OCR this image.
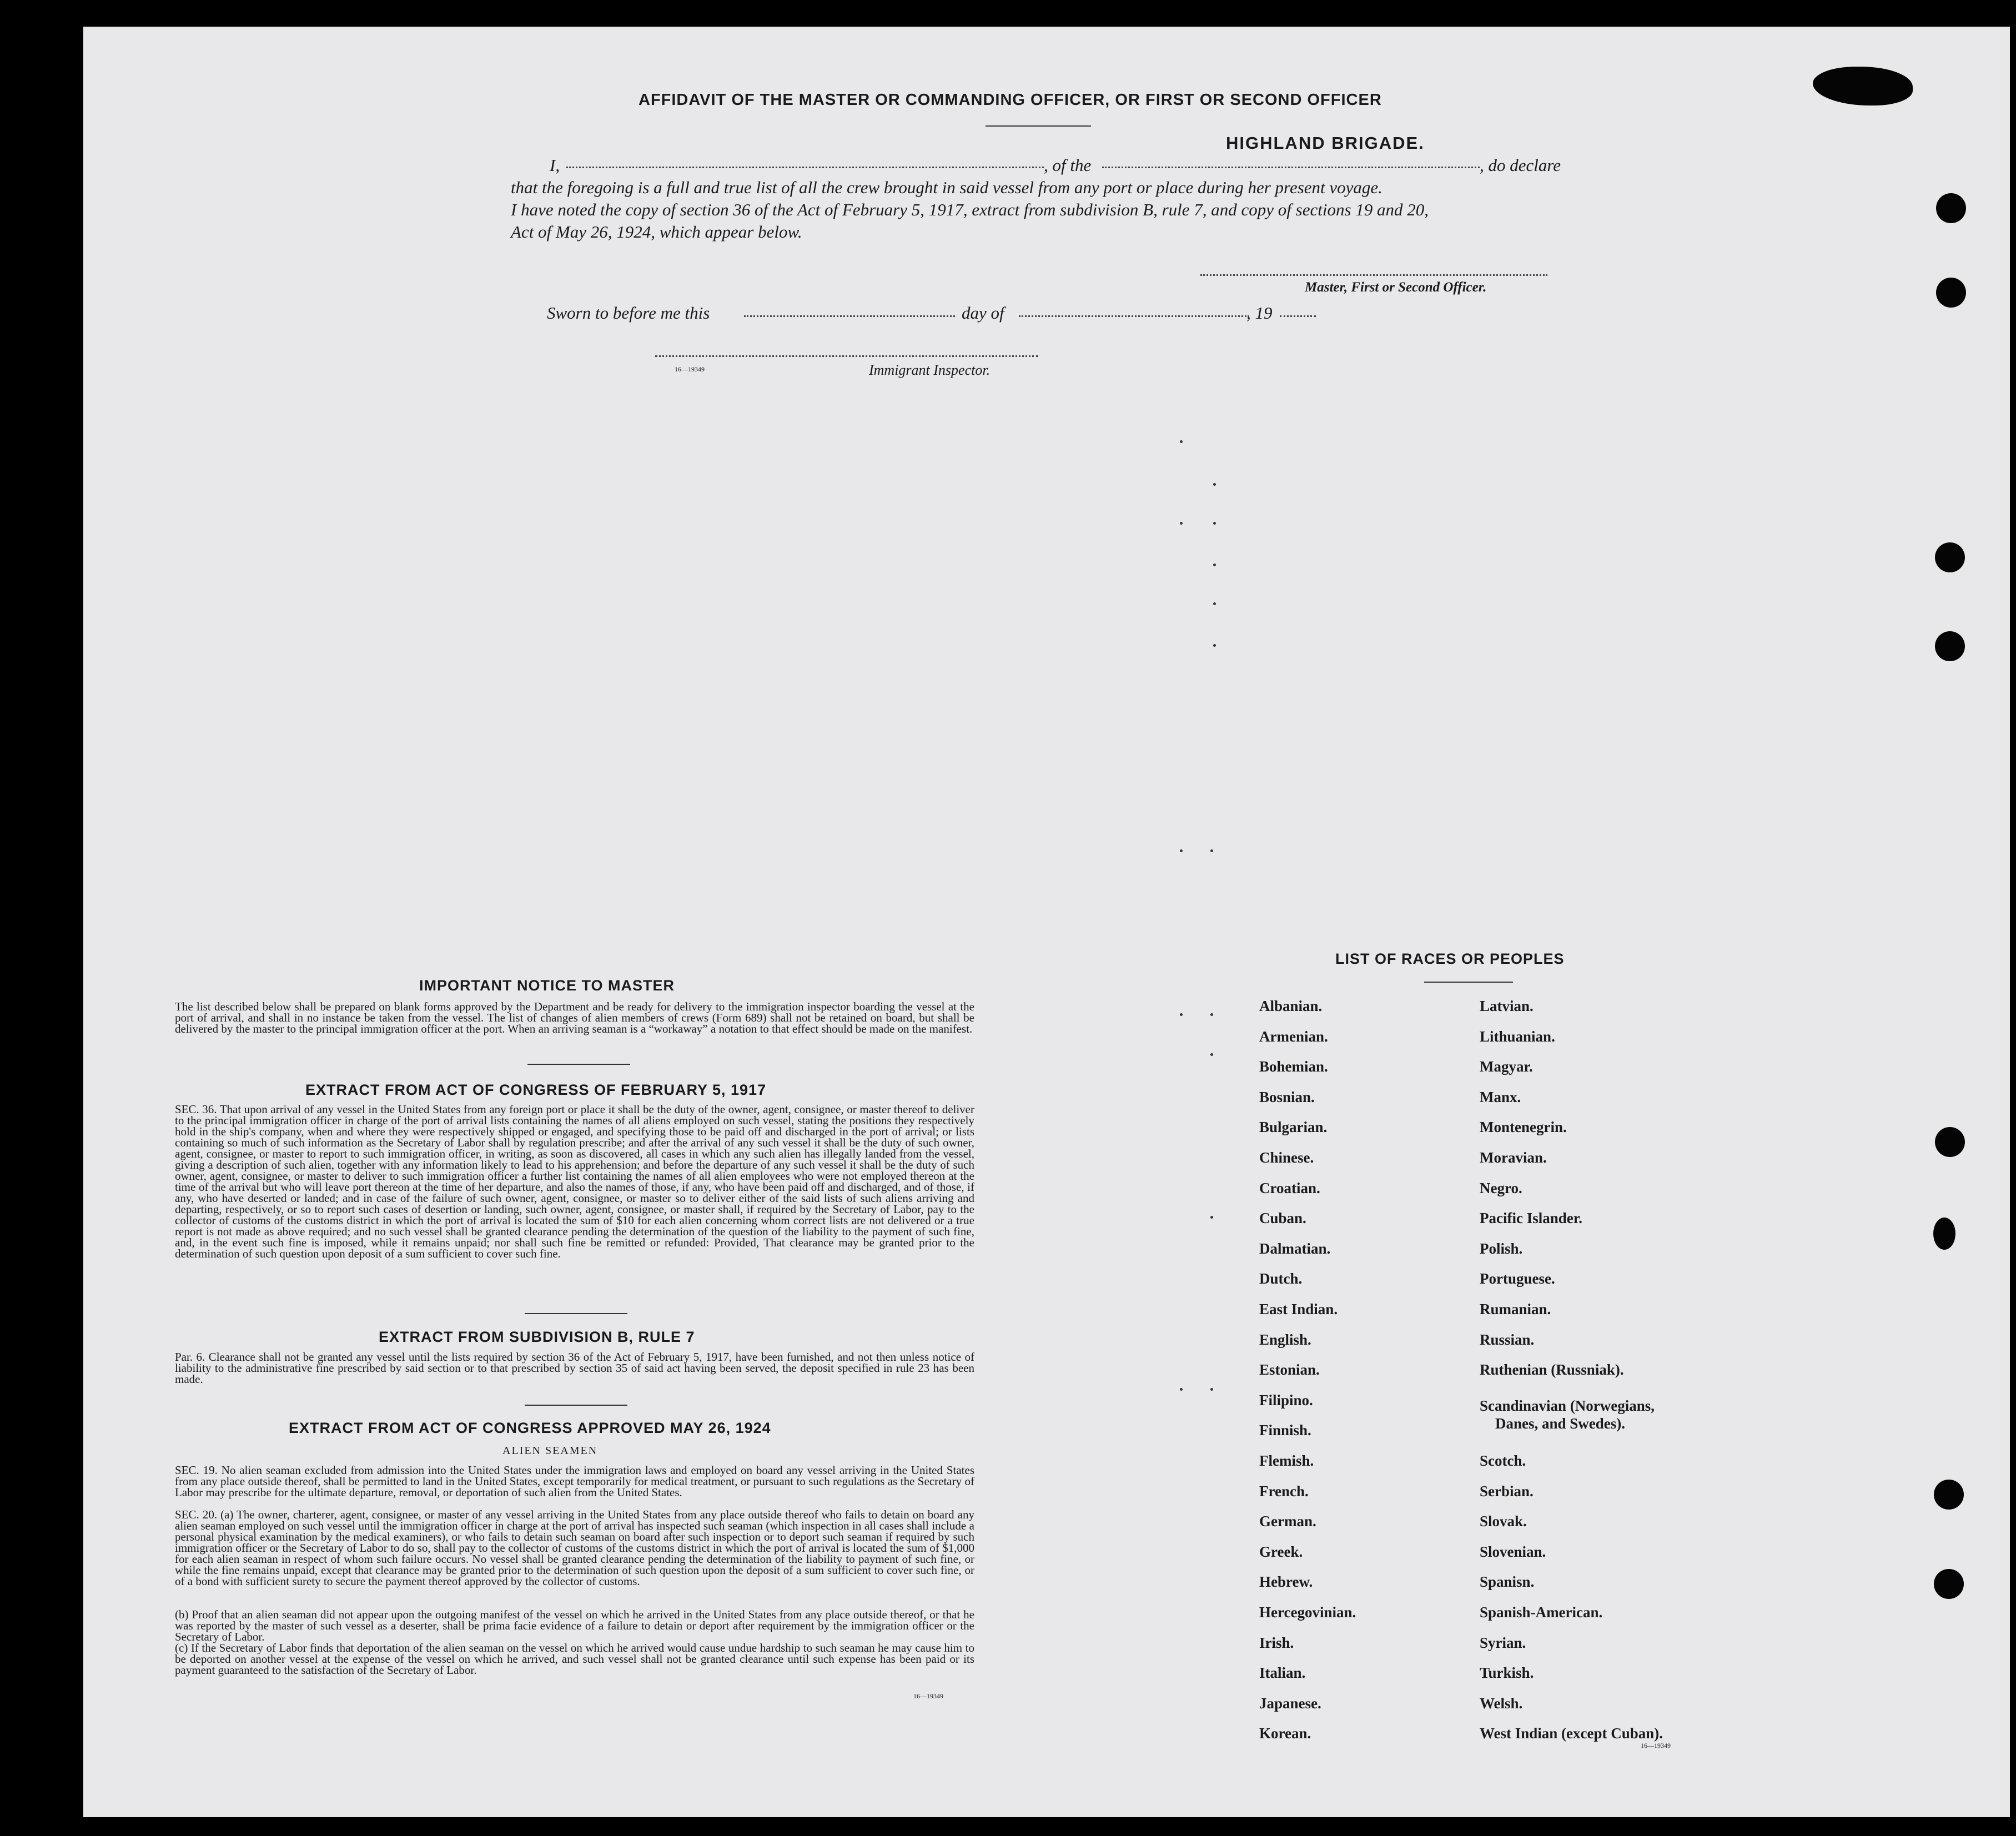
AFFIDAVIT OF THE MASTER OR COMMANDING OFFICER, OR FIRST OR SECOND OFFICER
HIGHLAND BRIGADE.
I,	, of the	, do declare
that the foregoing is a full and true list of all the crew brought in said vessel from any port or place during her present voyage.
I have noted the copy of section 36 of the Act of February 5, 1917, extract from subdivision B, rule 7, and copy of sections 19 and 20,
Act of May 26, 1924, which appear below.
Master, First or Second Officer.
Sworn to before me this	day of	, 19
16—19349	Immigrant Inspector.
IMPORTANT NOTICE TO MASTER
The list described below shall be prepared on blank forms approved by the Department and be ready for delivery to the immigration inspector boarding the vessel at the port of arrival, and shall in no instance be taken from the vessel. The list of changes of alien members of crews (Form 689) shall not be retained on board, but shall be delivered by the master to the principal immigration officer at the port. When an arriving seaman is a “workaway” a notation to that effect should be made on the manifest.
EXTRACT FROM ACT OF CONGRESS OF FEBRUARY 5, 1917
SEC. 36. That upon arrival of any vessel in the United States from any foreign port or place it shall be the duty of the owner, agent, consignee, or master thereof to deliver to the principal immigration officer in charge of the port of arrival lists containing the names of all aliens employed on such vessel, stating the positions they respectively hold in the ship's company, when and where they were respectively shipped or engaged, and specifying those to be paid off and discharged in the port of arrival; or lists containing so much of such information as the Secretary of Labor shall by regulation prescribe; and after the arrival of any such vessel it shall be the duty of such owner, agent, consignee, or master to report to such immigration officer, in writing, as soon as discovered, all cases in which any such alien has illegally landed from the vessel, giving a description of such alien, together with any information likely to lead to his apprehension; and before the departure of any such vessel it shall be the duty of such owner, agent, consignee, or master to deliver to such immigration officer a further list containing the names of all alien employees who were not employed thereon at the time of the arrival but who will leave port thereon at the time of her departure, and also the names of those, if any, who have been paid off and discharged, and of those, if any, who have deserted or landed; and in case of the failure of such owner, agent, consignee, or master so to deliver either of the said lists of such aliens arriving and departing, respectively, or so to report such cases of desertion or landing, such owner, agent, consignee, or master shall, if required by the Secretary of Labor, pay to the collector of customs of the customs district in which the port of arrival is located the sum of $10 for each alien concerning whom correct lists are not delivered or a true report is not made as above required; and no such vessel shall be granted clearance pending the determination of the question of the liability to the payment of such fine, and, in the event such fine is imposed, while it remains unpaid; nor shall such fine be remitted or refunded: Provided, That clearance may be granted prior to the determination of such question upon deposit of a sum sufficient to cover such fine.
EXTRACT FROM SUBDIVISION B, RULE 7
Par. 6. Clearance shall not be granted any vessel until the lists required by section 36 of the Act of February 5, 1917, have been furnished, and not then unless notice of liability to the administrative fine prescribed by said section or to that prescribed by section 35 of said act having been served, the deposit specified in rule 23 has been made.
EXTRACT FROM ACT OF CONGRESS APPROVED MAY 26, 1924
ALIEN SEAMEN
SEC. 19. No alien seaman excluded from admission into the United States under the immigration laws and employed on board any vessel arriving in the United States from any place outside thereof, shall be permitted to land in the United States, except temporarily for medical treatment, or pursuant to such regulations as the Secretary of Labor may prescribe for the ultimate departure, removal, or deportation of such alien from the United States.
SEC. 20. (a) The owner, charterer, agent, consignee, or master of any vessel arriving in the United States from any place outside thereof who fails to detain on board any alien seaman employed on such vessel until the immigration officer in charge at the port of arrival has inspected such seaman (which inspection in all cases shall include a personal physical examination by the medical examiners), or who fails to detain such seaman on board after such inspection or to deport such seaman if required by such immigration officer or the Secretary of Labor to do so, shall pay to the collector of customs of the customs district in which the port of arrival is located the sum of $1,000 for each alien seaman in respect of whom such failure occurs. No vessel shall be granted clearance pending the determination of the liability to payment of such fine, or while the fine remains unpaid, except that clearance may be granted prior to the determination of such question upon the deposit of a sum sufficient to cover such fine, or of a bond with sufficient surety to secure the payment thereof approved by the collector of customs.
(b) Proof that an alien seaman did not appear upon the outgoing manifest of the vessel on which he arrived in the United States from any place outside thereof, or that he was reported by the master of such vessel as a deserter, shall be prima facie evidence of a failure to detain or deport after requirement by the immigration officer or the Secretary of Labor.
(c) If the Secretary of Labor finds that deportation of the alien seaman on the vessel on which he arrived would cause undue hardship to such seaman he may cause him to be deported on another vessel at the expense of the vessel on which he arrived, and such vessel shall not be granted clearance until such expense has been paid or its payment guaranteed to the satisfaction of the Secretary of Labor.
16—19349
LIST OF RACES OR PEOPLES
Albanian.
Armenian.
Bohemian.
Bosnian.
Bulgarian.
Chinese.
Croatian.
Cuban.
Dalmatian.
Dutch.
East Indian.
English.
Estonian.
Filipino.
Finnish.
Flemish.
French.
German.
Greek.
Hebrew.
Hercegovinian.
Irish.
Italian.
Japanese.
Korean.
Latvian.
Lithuanian.
Magyar.
Manx.
Montenegrin.
Moravian.
Negro.
Pacific Islander.
Polish.
Portuguese.
Rumanian.
Russian.
Ruthenian (Russniak).
Scandinavian (Norwegians,
Danes, and Swedes).
Scotch.
Serbian.
Slovak.
Slovenian.
Spanisn.
Spanish-American.
Syrian.
Turkish.
Welsh.
West Indian (except Cuban).
16—19349
